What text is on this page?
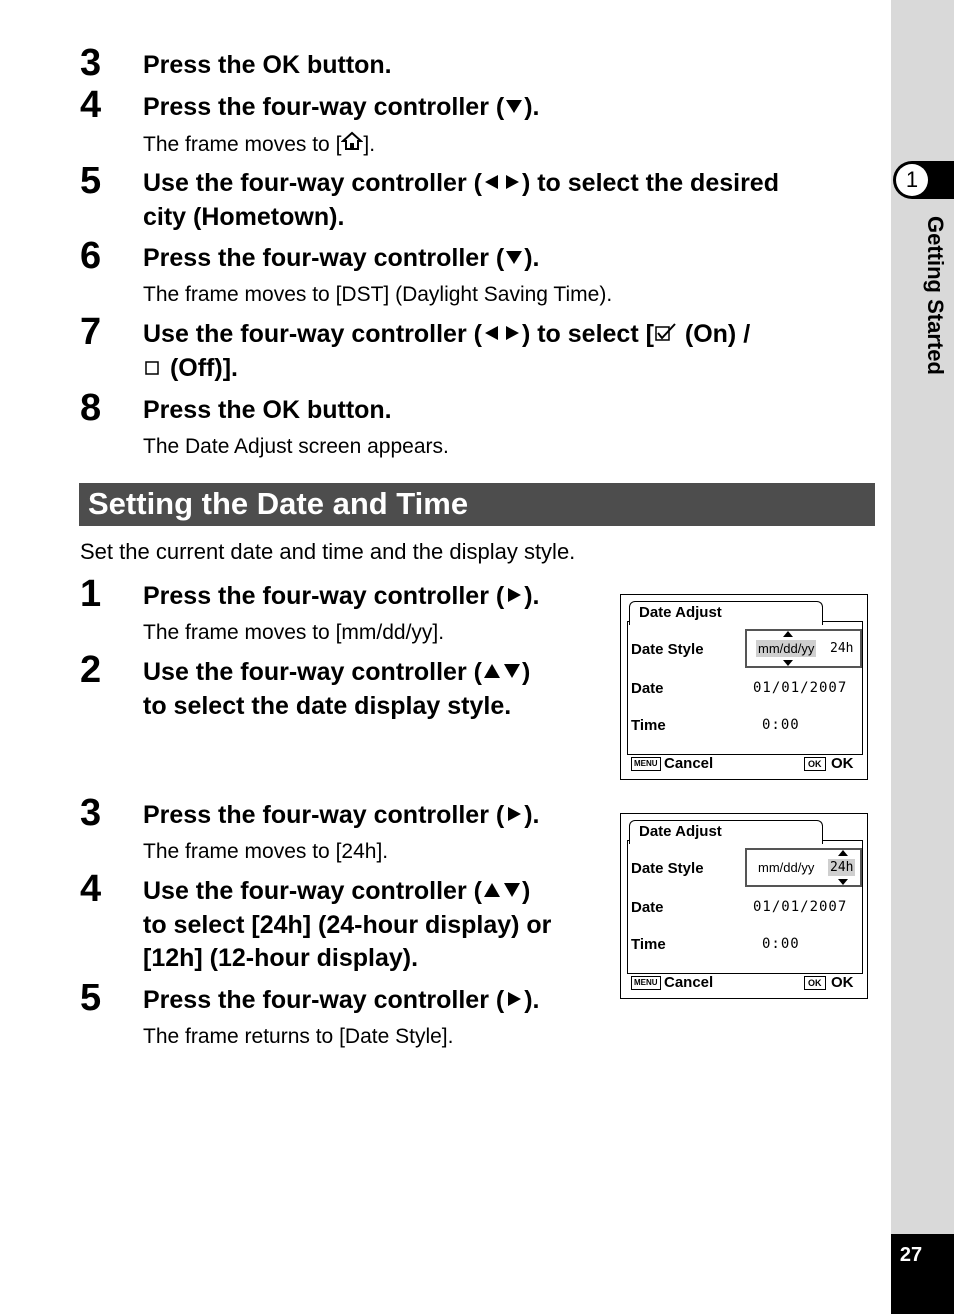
1
Getting Started
27
3 Press the OK button.
4 Press the four-way controller ( ).
The frame moves to [ ].
5 Use the four-way controller ( ) to select the desired
city (Hometown).
6 Press the four-way controller ( ).
The frame moves to [DST] (Daylight Saving Time).
7 Use the four-way controller ( ) to select [ (On) /
(Off)].
8 Press the OK button.
The Date Adjust screen appears.
Setting the Date and Time
Set the current date and time and the display style.
1 Press the four-way controller ( ).
The frame moves to [mm/dd/yy].
2 Use the four-way controller ( )
to select the date display style.
3 Press the four-way controller ( ).
The frame moves to [24h].
4 Use the four-way controller ( )
to select [24h] (24-hour display) or
[12h] (12-hour display).
5 Press the four-way controller ( ).
The frame returns to [Date Style].
Date Adjust
Date Style	mm/dd/yy 24h
Date	01/01/2007
Time	0:00
MENU Cancel	OK OK
Date Adjust
Date Style	mm/dd/yy 24h
Date	01/01/2007
Time	0:00
MENU Cancel	OK OK
